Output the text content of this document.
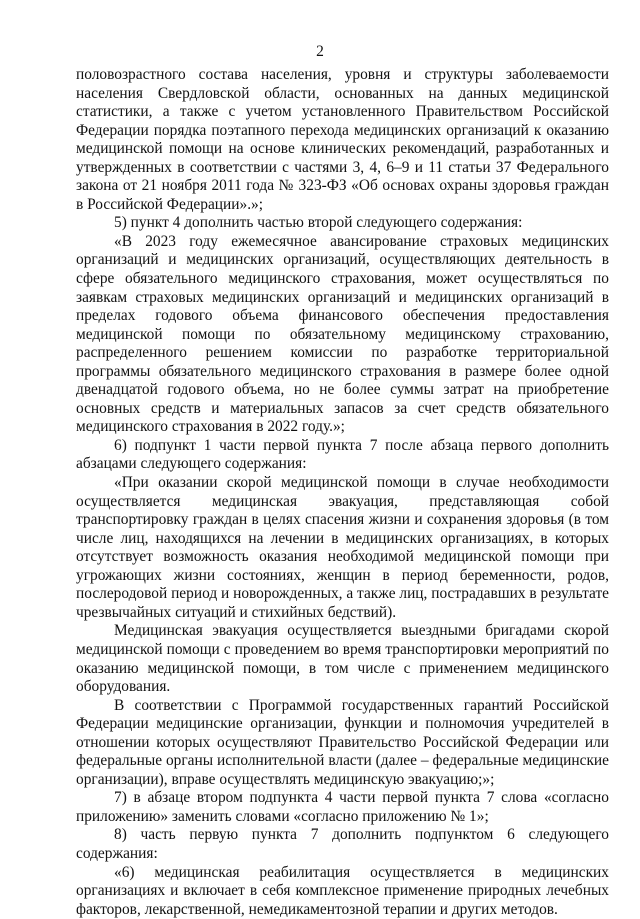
2

половозрастного состава населения, уровня и структуры заболеваемости населения Свердловской области, основанных на данных медицинской статистики, а также с учетом установленного Правительством Российской Федерации порядка поэтапного перехода медицинских организаций к оказанию медицинской помощи на основе клинических рекомендаций, разработанных и утвержденных в соответствии с частями 3, 4, 6–9 и 11 статьи 37 Федерального закона от 21 ноября 2011 года № 323-ФЗ «Об основах охраны здоровья граждан в Российской Федерации».»;

5) пункт 4 дополнить частью второй следующего содержания:

«В 2023 году ежемесячное авансирование страховых медицинских организаций и медицинских организаций, осуществляющих деятельность в сфере обязательного медицинского страхования, может осуществляться по заявкам страховых медицинских организаций и медицинских организаций в пределах годового объема финансового обеспечения предоставления медицинской помощи по обязательному медицинскому страхованию, распределенного решением комиссии по разработке территориальной программы обязательного медицинского страхования в размере более одной двенадцатой годового объема, но не более суммы затрат на приобретение основных средств и материальных запасов за счет средств обязательного медицинского страхования в 2022 году.»;

6) подпункт 1 части первой пункта 7 после абзаца первого дополнить абзацами следующего содержания:

«При оказании скорой медицинской помощи в случае необходимости осуществляется медицинская эвакуация, представляющая собой транспортировку граждан в целях спасения жизни и сохранения здоровья (в том числе лиц, находящихся на лечении в медицинских организациях, в которых отсутствует возможность оказания необходимой медицинской помощи при угрожающих жизни состояниях, женщин в период беременности, родов, послеродовой период и новорожденных, а также лиц, пострадавших в результате чрезвычайных ситуаций и стихийных бедствий).

Медицинская эвакуация осуществляется выездными бригадами скорой медицинской помощи с проведением во время транспортировки мероприятий по оказанию медицинской помощи, в том числе с применением медицинского оборудования.

В соответствии с Программой государственных гарантий Российской Федерации медицинские организации, функции и полномочия учредителей в отношении которых осуществляют Правительство Российской Федерации или федеральные органы исполнительной власти (далее – федеральные медицинские организации), вправе осуществлять медицинскую эвакуацию;»;

7) в абзаце втором подпункта 4 части первой пункта 7 слова «согласно приложению» заменить словами «согласно приложению № 1»;

8) часть первую пункта 7 дополнить подпунктом 6 следующего содержания:

«6) медицинская реабилитация осуществляется в медицинских организациях и включает в себя комплексное применение природных лечебных факторов, лекарственной, немедикаментозной терапии и других методов.
